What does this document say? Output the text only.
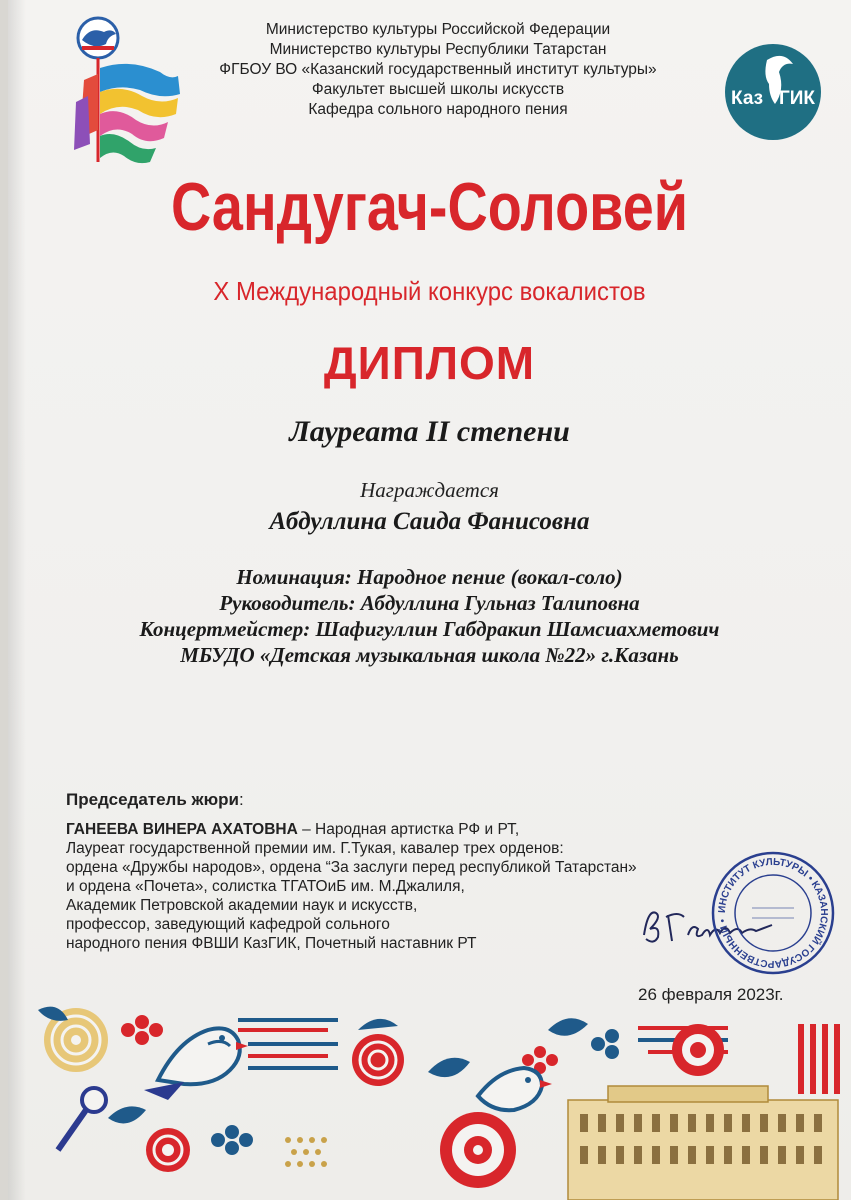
Министерство культуры Российской Федерации
Министерство культуры Республики Татарстан
ФГБОУ ВО «Казанский государственный институт культуры»
Факультет высшей школы искусств
Кафедра сольного народного пения
Каз ГИК
Сандугач-Соловей
X Международный конкурс вокалистов
ДИПЛОМ
Лауреата II степени
Награждается
Абдуллина Саида Фанисовна
Номинация: Народное пение (вокал-соло)
Руководитель: Абдуллина Гульназ Талиповна
Концертмейстер: Шафигуллин Габдракип Шамсиахметович
МБУДО «Детская музыкальная школа №22» г.Казань
Председатель жюри:
ГАНЕЕВА ВИНЕРА АХАТОВНА – Народная артистка РФ и РТ,
Лауреат государственной премии им. Г.Тукая, кавалер трех орденов:
ордена «Дружбы народов», ордена “За заслуги перед республикой Татарстан»
и ордена «Почета», солистка ТГАТОиБ им. М.Джалиля,
Академик Петровской академии наук и искусств,
профессор, заведующий кафедрой сольного
народного пения ФВШИ КазГИК, Почетный наставник РТ
ИНСТИТУТ КУЛЬТУРЫ • КАЗАНСКИЙ ГОСУДАРСТВЕННЫЙ •
26 февраля 2023г.
